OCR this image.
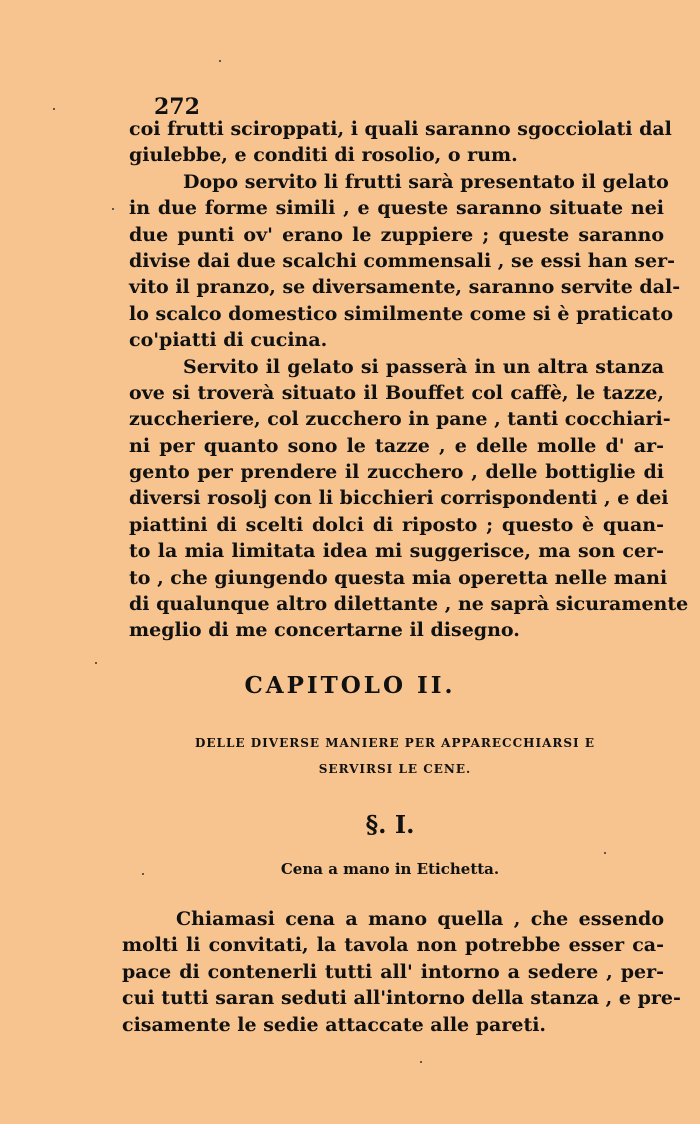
272
coi frutti sciroppati, i quali saranno sgocciolati dal
giulebbe, e conditi di rosolio, o rum.
Dopo servito li frutti sarà presentato il gelato
in due forme simili , e queste saranno situate nei
due punti ov' erano le zuppiere ; queste saranno
divise dai due scalchi commensali , se essi han ser-
vito il pranzo, se diversamente, saranno servite dal-
lo scalco domestico similmente come si è praticato
co'piatti di cucina.
Servito il gelato si passerà in un altra stanza
ove si troverà situato il Bouffet col caffè, le tazze,
zuccheriere, col zucchero in pane , tanti cocchiari-
ni per quanto sono le tazze , e delle molle d' ar-
gento per prendere il zucchero , delle bottiglie di
diversi rosolj con li bicchieri corrispondenti , e dei
piattini di scelti dolci di riposto ; questo è quan-
to la mia limitata idea mi suggerisce, ma son cer-
to , che giungendo questa mia operetta nelle mani
di qualunque altro dilettante , ne saprà sicuramente
meglio di me concertarne il disegno.
CAPITOLO II.
DELLE DIVERSE MANIERE PER APPARECCHIARSI E
SERVIRSI LE CENE.
§. I.
Cena a mano in Etichetta.
Chiamasi cena a mano quella , che essendo
molti li convitati, la tavola non potrebbe esser ca-
pace di contenerli tutti all' intorno a sedere , per-
cui tutti saran seduti all'intorno della stanza , e pre-
cisamente le sedie attaccate alle pareti.
